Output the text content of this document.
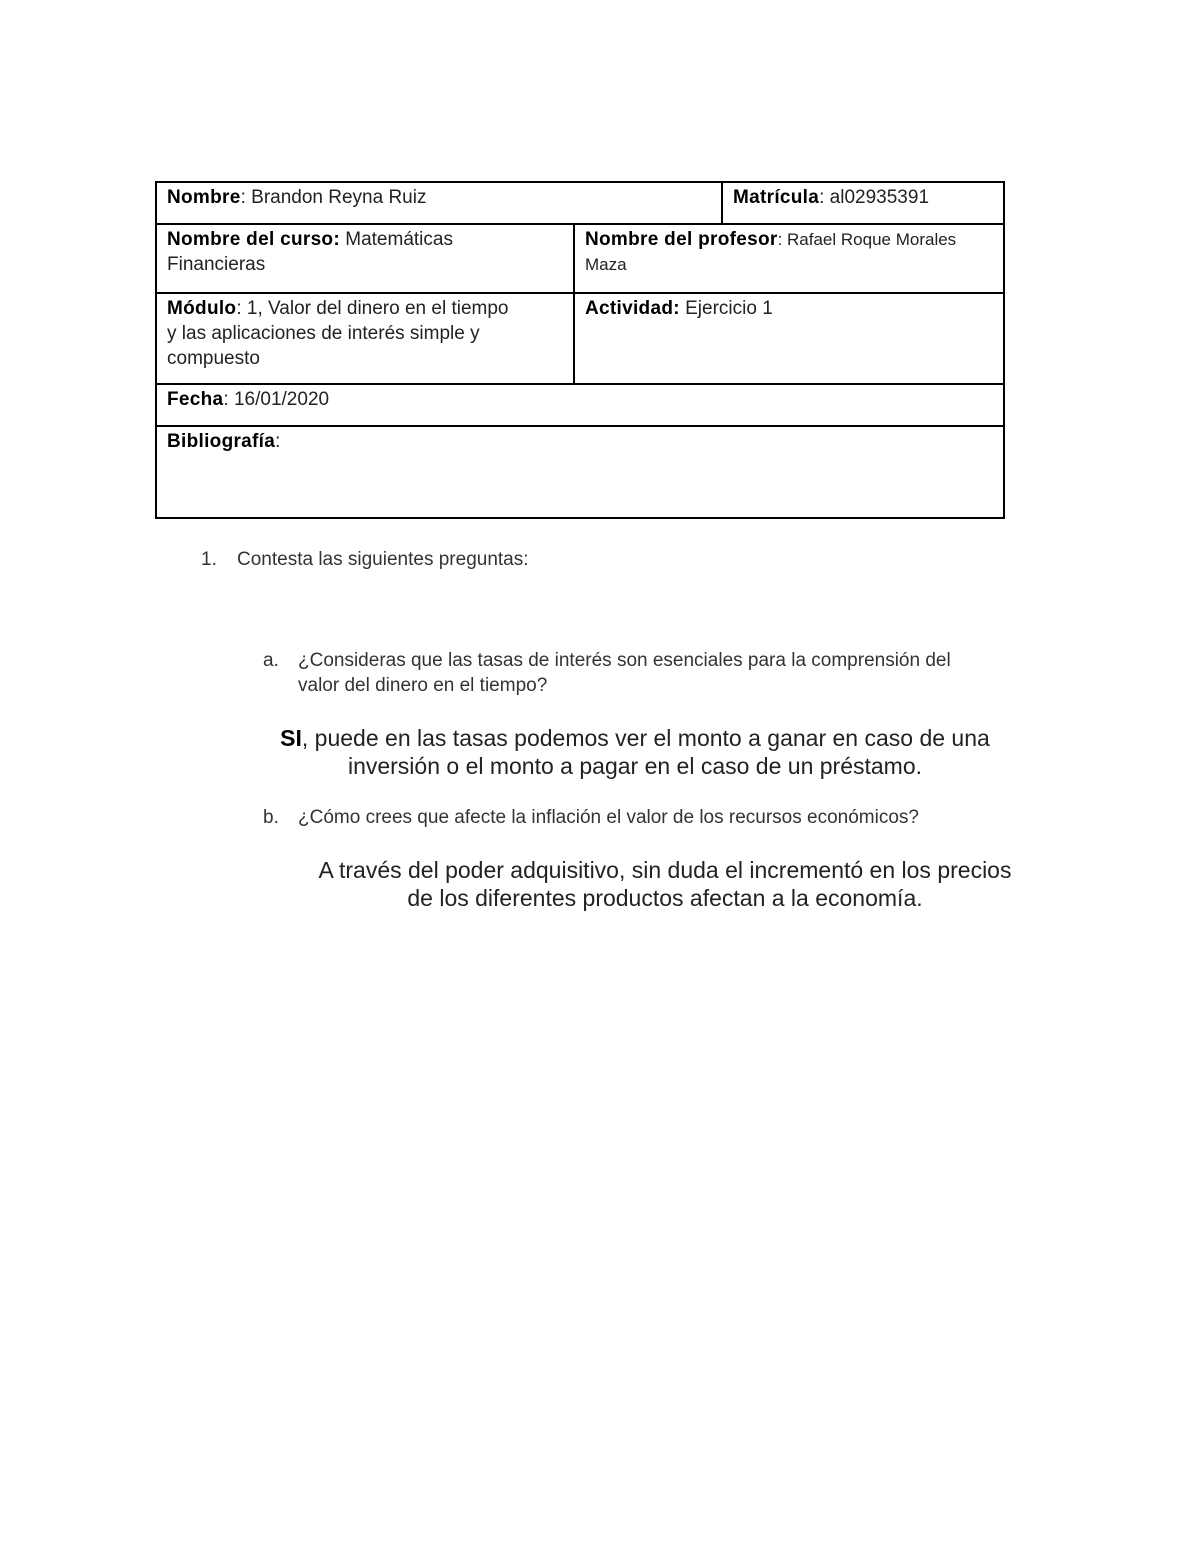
Nombre: Brandon Reyna Ruiz	Matrícula: al02935391
Nombre del curso: Matemáticas
Financieras
Nombre del profesor: Rafael Roque Morales
Maza
Módulo: 1, Valor del dinero en el tiempo
y las aplicaciones de interés simple y
compuesto
Actividad: Ejercicio 1
Fecha: 16/01/2020
Bibliografía:
1. Contesta las siguientes preguntas:
a. ¿Consideras que las tasas de interés son esenciales para la comprensión del
valor del dinero en el tiempo?
SI, puede en las tasas podemos ver el monto a ganar en caso de una
inversión o el monto a pagar en el caso de un préstamo.
b. ¿Cómo crees que afecte la inflación el valor de los recursos económicos?
A través del poder adquisitivo, sin duda el incrementó en los precios
de los diferentes productos afectan a la economía.
